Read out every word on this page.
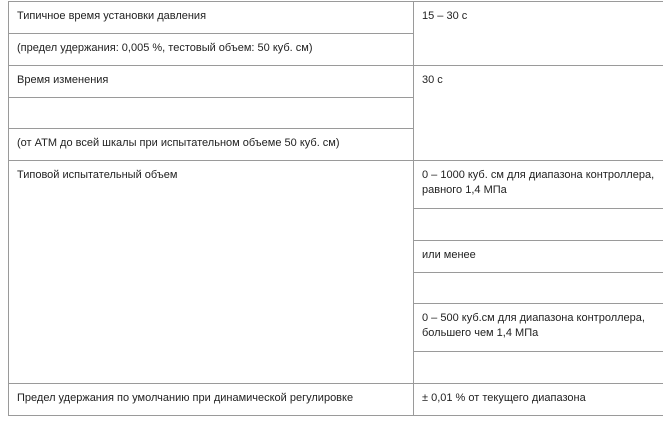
Типичное время установки давления	15 – 30 с
(предел удержания: 0,005 %, тестовый объем: 50 куб. см)	
Время изменения	30 с

(от АТМ до всей шкалы при испытательном объеме 50 куб. см)	
Типовой испытательный объем	0 – 1000 куб. см для диапазона контроллера, равного 1,4 МПа

	или менее

	0 – 500 куб.см для диапазона контроллера, большего чем 1,4 МПа

Предел удержания по умолчанию при динамической регулировке	± 0,01 % от текущего диапазона
